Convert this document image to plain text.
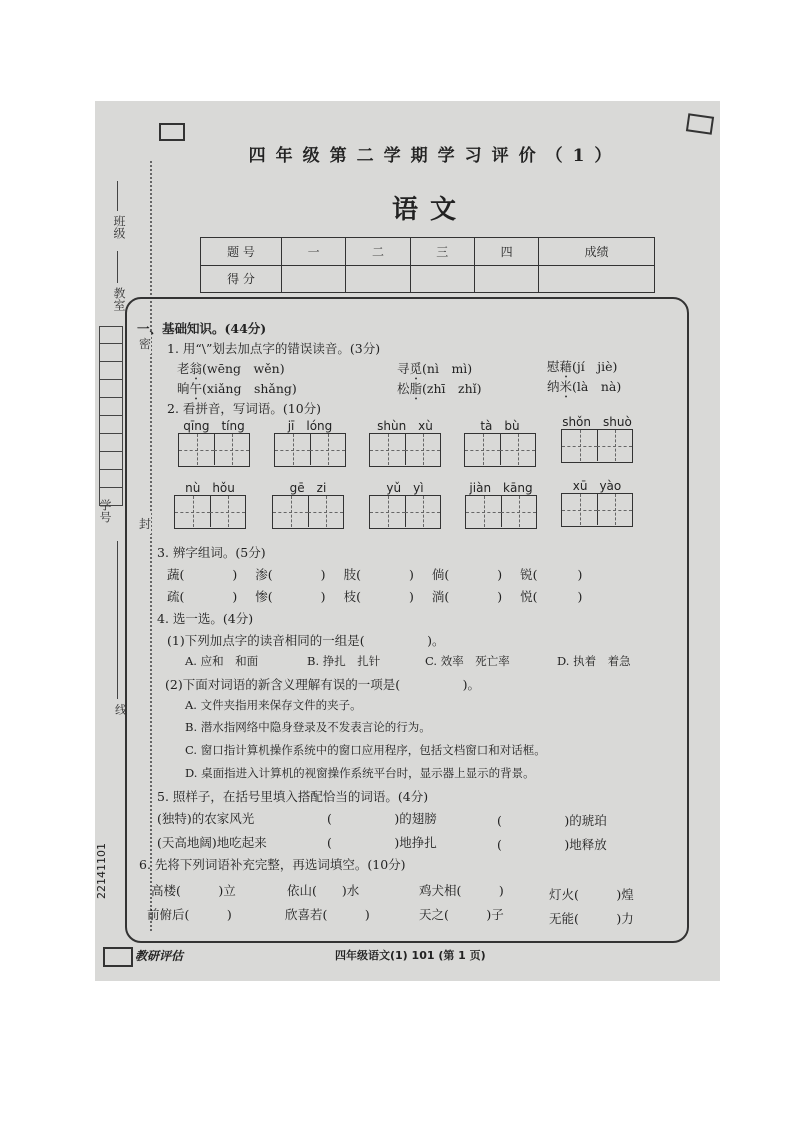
班级
教室
学号
密
封
线
22141101
四年级第二学期学习评价（1）
语文
题 号	一	二	三	四	成绩
得 分					
一、基础知识。(44分)
1. 用“\”划去加点字的错误读音。(3分)
老翁(wēng　wěn)	寻觅(nì　mì)	慰藉(jí　jiè)
晌午(xiǎng　shǎng)	松脂(zhī　zhǐ)	纳米(là　nà)
2. 看拼音，写词语。(10分)
qīng　tíng	jī　lóng	shùn　xù	tà　bù	shǒn　shuò
nù　hǒu	gē　zi	yǔ　yì	jiàn　kāng	xū　yào
3. 辨字组词。(5分)
蔬(	) 渗(	) 肢(	) 倘(	) 锐(	)
疏(	) 惨(	) 枝(	) 淌(	) 悦(	)
4. 选一选。(4分)
(1)下列加点字的读音相同的一组是(　　　　　)。
A. 应和　和面	B. 挣扎　扎针	C. 效率　死亡率	D. 执着　着急
(2)下面对词语的新含义理解有误的一项是(　　　　　)。
A. 文件夹指用来保存文件的夹子。
B. 潜水指网络中隐身登录及不发表言论的行为。
C. 窗口指计算机操作系统中的窗口应用程序，包括文档窗口和对话框。
D. 桌面指进入计算机的视窗操作系统平台时，显示器上显示的背景。
5. 照样子，在括号里填入搭配恰当的词语。(4分)
(独特)的农家风光	(　　　　　)的翅膀	(　　　　　)的琥珀
(天高地阔)地吃起来	(　　　　　)地挣扎	(　　　　　)地释放
6. 先将下列词语补充完整，再选词填空。(10分)
高楼(　　　)立	依山(　　)水	鸡犬相(　　　)	灯火(　　　)煌
前俯后(　　　)	欣喜若(　　　)	天之(　　　)子	无能(　　　)力
教研评估	四年级语文(1) 101 (第 1 页)
